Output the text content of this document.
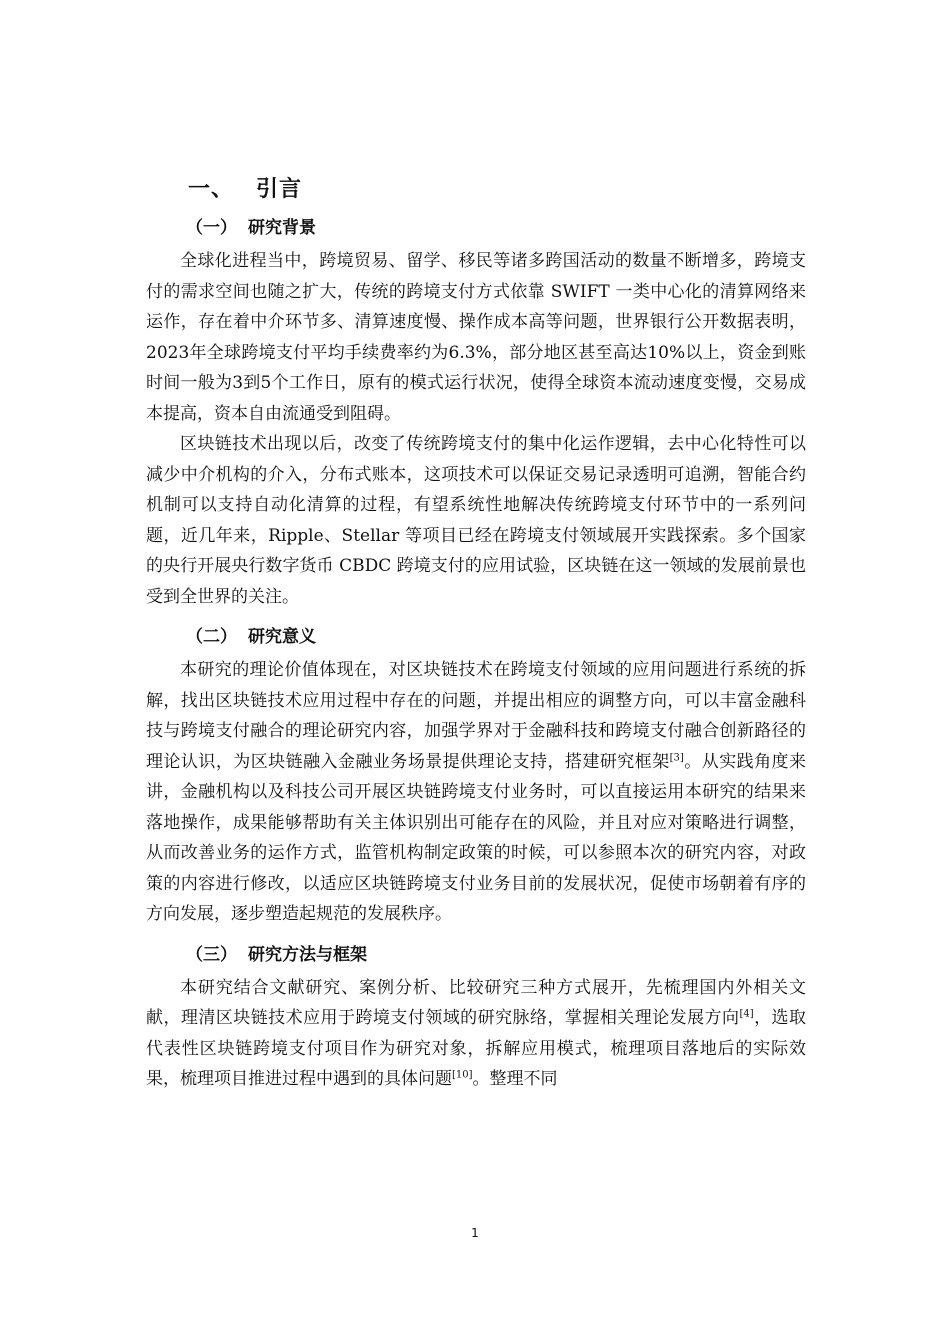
一、 引言
（一） 研究背景

全球化进程当中，跨境贸易、留学、移民等诸多跨国活动的数量不断增多，跨境支付的需求空间也随之扩大，传统的跨境支付方式依靠 SWIFT 一类中心化的清算网络来运作，存在着中介环节多、清算速度慢、操作成本高等问题，世界银行公开数据表明，2023年全球跨境支付平均手续费率约为6.3%，部分地区甚至高达10%以上，资金到账时间一般为3到5个工作日，原有的模式运行状况，使得全球资本流动速度变慢，交易成本提高，资本自由流通受到阻碍。

区块链技术出现以后，改变了传统跨境支付的集中化运作逻辑，去中心化特性可以减少中介机构的介入，分布式账本，这项技术可以保证交易记录透明可追溯，智能合约机制可以支持自动化清算的过程，有望系统性地解决传统跨境支付环节中的一系列问题，近几年来，Ripple、Stellar 等项目已经在跨境支付领域展开实践探索。多个国家的央行开展央行数字货币 CBDC 跨境支付的应用试验，区块链在这一领域的发展前景也受到全世界的关注。

（二） 研究意义

本研究的理论价值体现在，对区块链技术在跨境支付领域的应用问题进行系统的拆解，找出区块链技术应用过程中存在的问题，并提出相应的调整方向，可以丰富金融科技与跨境支付融合的理论研究内容，加强学界对于金融科技和跨境支付融合创新路径的理论认识，为区块链融入金融业务场景提供理论支持，搭建研究框架[3]。从实践角度来讲，金融机构以及科技公司开展区块链跨境支付业务时，可以直接运用本研究的结果来落地操作，成果能够帮助有关主体识别出可能存在的风险，并且对应对策略进行调整，从而改善业务的运作方式，监管机构制定政策的时候，可以参照本次的研究内容，对政策的内容进行修改，以适应区块链跨境支付业务目前的发展状况，促使市场朝着有序的方向发展，逐步塑造起规范的发展秩序。

（三） 研究方法与框架

本研究结合文献研究、案例分析、比较研究三种方式展开，先梳理国内外相关文献，理清区块链技术应用于跨境支付领域的研究脉络，掌握相关理论发展方向[4]，选取代表性区块链跨境支付项目作为研究对象，拆解应用模式，梳理项目落地后的实际效果，梳理项目推进过程中遇到的具体问题[10]。整理不同

1
